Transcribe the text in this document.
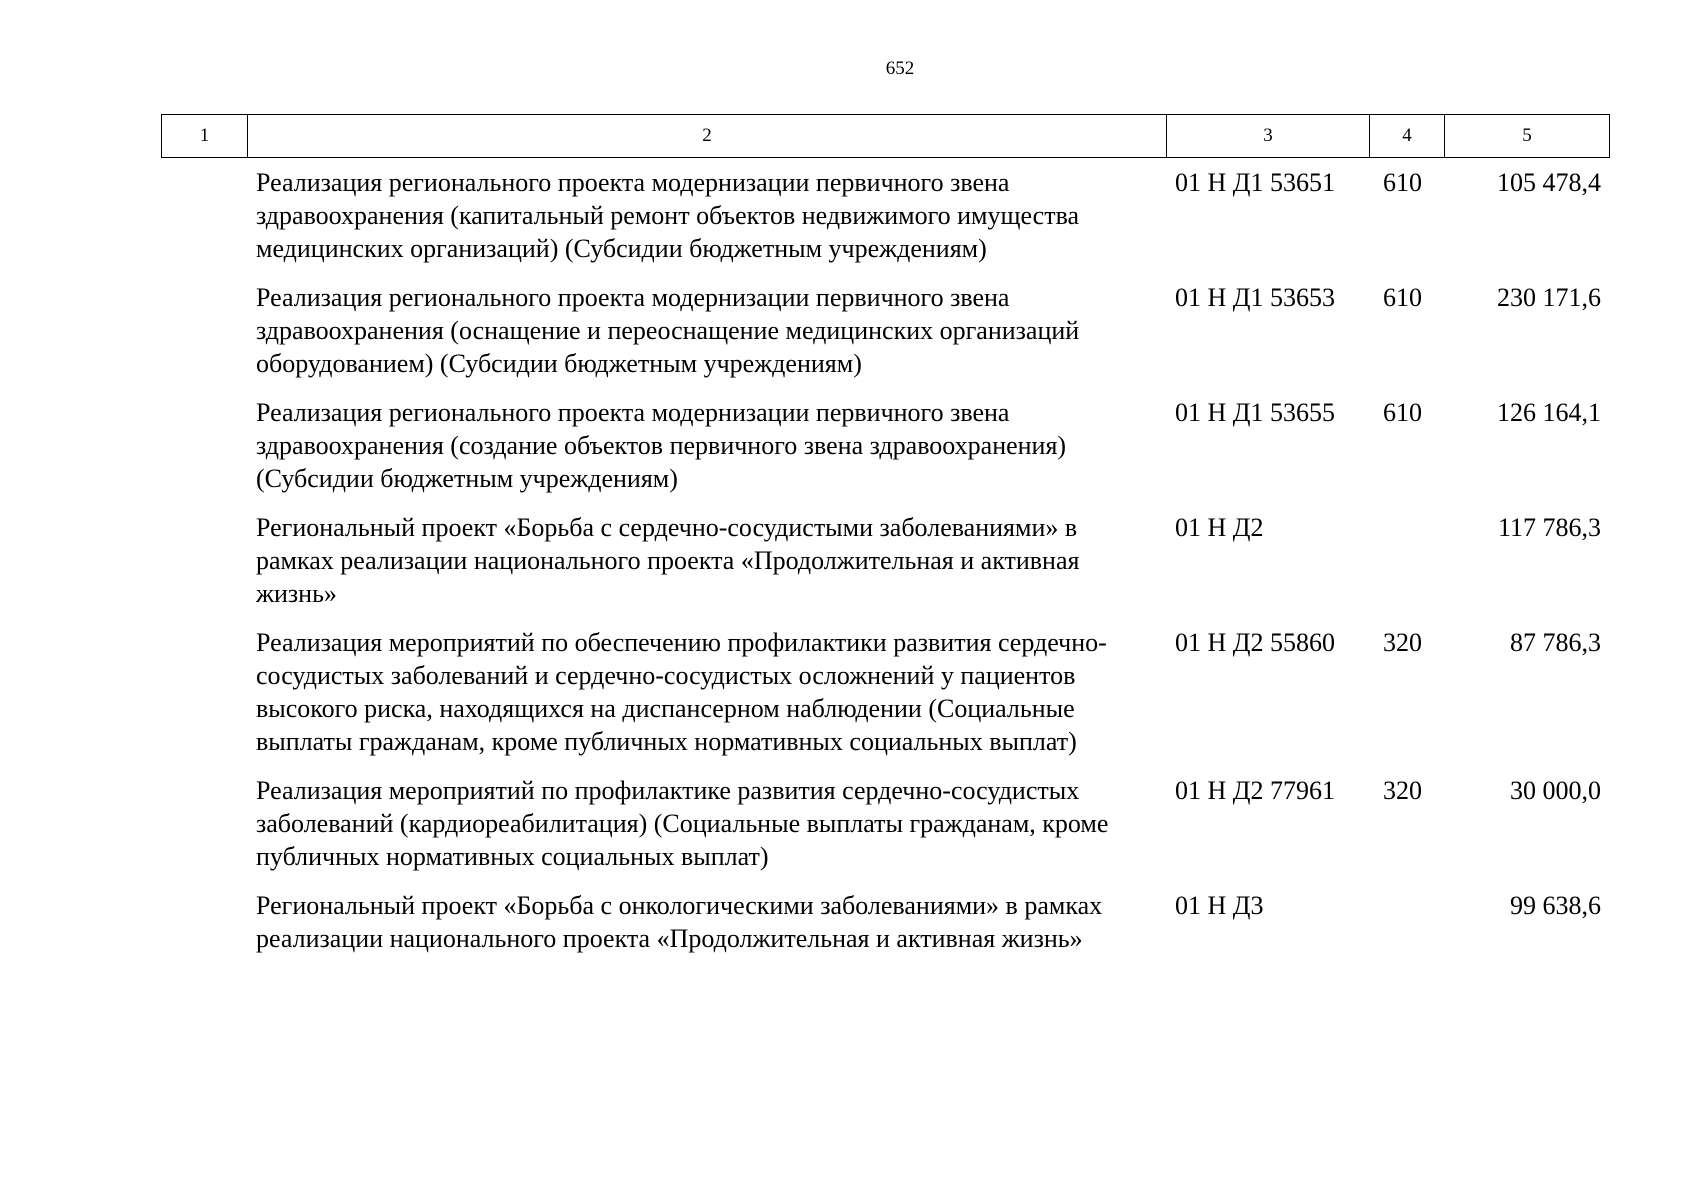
652
1	2	3	4	5
	Реализация регионального проекта модернизации первичного звена здравоохранения (капитальный ремонт объектов недвижимого имущества медицинских организаций) (Субсидии бюджетным учреждениям)	01 Н Д1 53651	610	105 478,4
	Реализация регионального проекта модернизации первичного звена здравоохранения (оснащение и переоснащение медицинских организаций оборудованием) (Субсидии бюджетным учреждениям)	01 Н Д1 53653	610	230 171,6
	Реализация регионального проекта модернизации первичного звена здравоохранения (создание объектов первичного звена здравоохранения) (Субсидии бюджетным учреждениям)	01 Н Д1 53655	610	126 164,1
	Региональный проект «Борьба с сердечно-сосудистыми заболеваниями» в рамках реализации национального проекта «Продолжительная и активная жизнь»	01 Н Д2		117 786,3
	Реализация мероприятий по обеспечению профилактики развития сердечно-сосудистых заболеваний и сердечно-сосудистых осложнений у пациентов высокого риска, находящихся на диспансерном наблюдении (Социальные выплаты гражданам, кроме публичных нормативных социальных выплат)	01 Н Д2 55860	320	87 786,3
	Реализация мероприятий по профилактике развития сердечно-сосудистых заболеваний (кардиореабилитация) (Социальные выплаты гражданам, кроме публичных нормативных социальных выплат)	01 Н Д2 77961	320	30 000,0
	Региональный проект «Борьба с онкологическими заболеваниями» в рамках реализации национального проекта «Продолжительная и активная жизнь»	01 Н Д3		99 638,6
